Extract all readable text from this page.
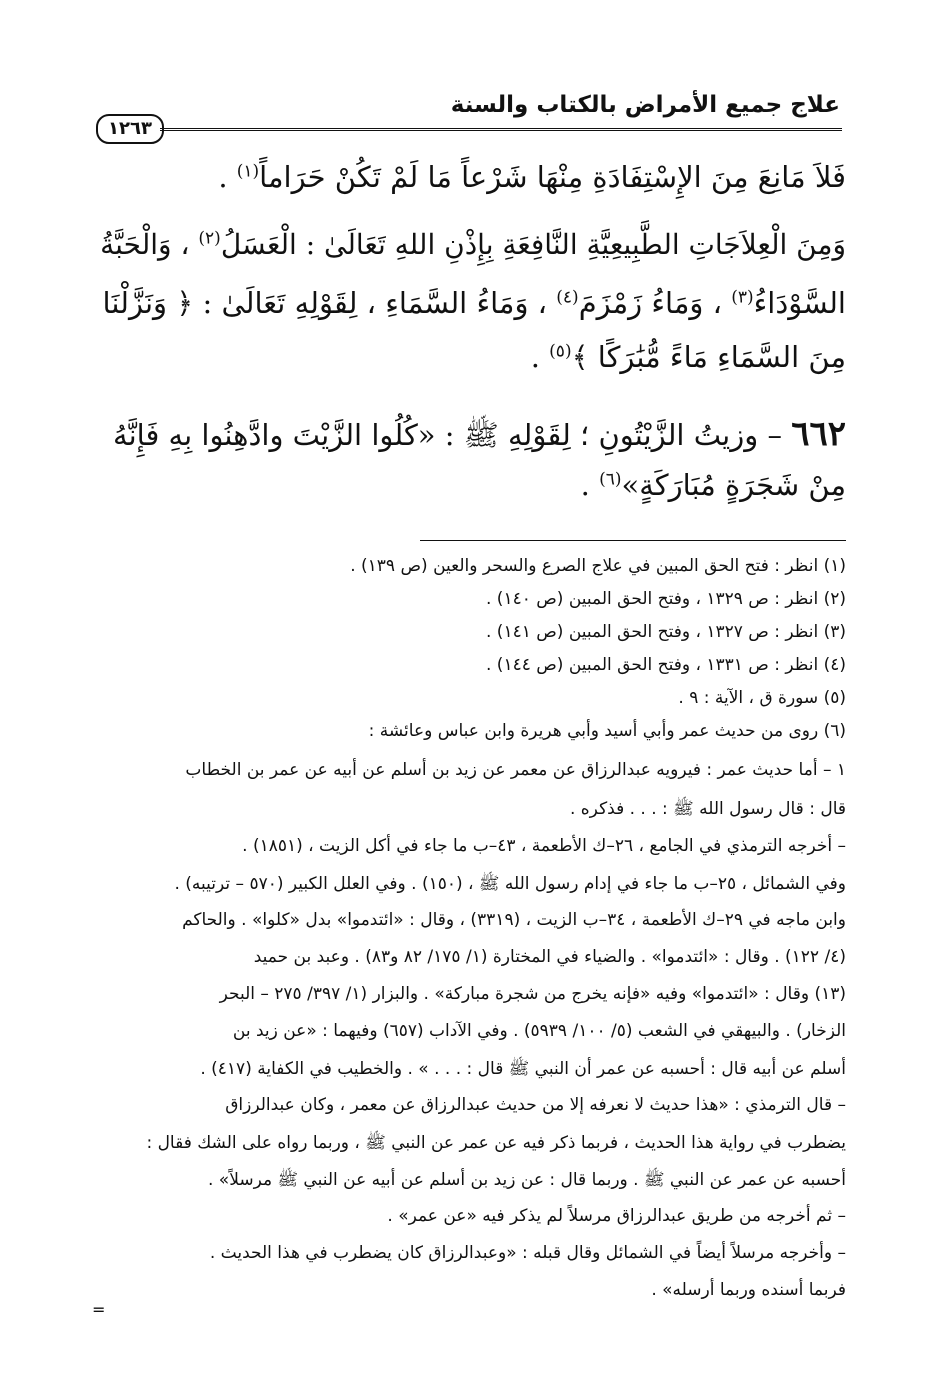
علاج جميع الأمراض بالكتاب والسنة
١٢٦٣
فَلاَ مَانِعَ مِنَ الإِسْتِفَادَةِ مِنْهَا شَرْعاً مَا لَمْ تَكُنْ حَرَاماً$^{(١)}$ .
وَمِنَ الْعِلاَجَاتِ الطَّبِيعِيَّةِ النَّافِعَةِ بِإِذْنِ اللهِ تَعَالَىٰ : الْعَسَلُ$^{(٢)}$ ، وَالْحَبَّةُ
السَّوْدَاءُ$^{(٣)}$ ، وَمَاءُ زَمْزَمَ$^{(٤)}$ ، وَمَاءُ السَّمَاءِ ، لِقَوْلِهِ تَعَالَىٰ : ﴿ وَنَزَّلْنَا
مِنَ السَّمَاءِ مَاءً مُّبَٰرَكًا ﴾$^{(٥)}$ .
٦٦٢ – وزيتُ الزَّيْتُونِ ؛ لِقَوْلِهِ ﷺ : «كُلُوا الزَّيْتَ وادَّهِنُوا بِهِ فَإِنَّهُ
مِنْ شَجَرَةٍ مُبَارَكَةٍ»$^{(٦)}$ .
(١) انظر : فتح الحق المبين في علاج الصرع والسحر والعين (ص ١٣٩) .
(٢) انظر : ص ١٣٢٩ ، وفتح الحق المبين (ص ١٤٠) .
(٣) انظر : ص ١٣٢٧ ، وفتح الحق المبين (ص ١٤١) .
(٤) انظر : ص ١٣٣١ ، وفتح الحق المبين (ص ١٤٤) .
(٥) سورة ق ، الآية : ٩ .
(٦) روى من حديث عمر وأبي أسيد وأبي هريرة وابن عباس وعائشة :
١ – أما حديث عمر : فيرويه عبدالرزاق عن معمر عن زيد بن أسلم عن أبيه عن عمر بن الخطاب
قال : قال رسول الله ﷺ : . . . فذكره .
– أخرجه الترمذي في الجامع ، ٢٦–ك الأطعمة ، ٤٣–ب ما جاء في أكل الزيت ، (١٨٥١) .
وفي الشمائل ، ٢٥–ب ما جاء في إدام رسول الله ﷺ ، (١٥٠) . وفي العلل الكبير (٥٧٠ – ترتيبه) .
وابن ماجه في ٢٩–ك الأطعمة ، ٣٤–ب الزيت ، (٣٣١٩) ، وقال : «ائتدموا» بدل «كلوا» . والحاكم
(٤/ ١٢٢) . وقال : «ائتدموا» . والضياء في المختارة (١/ ١٧٥/ ٨٢ و٨٣) . وعبد بن حميد
(١٣) وقال : «ائتدموا» وفيه «فإنه يخرج من شجرة مباركة» . والبزار (١/ ٣٩٧/ ٢٧٥ – البحر
الزخار) . والبيهقي في الشعب (٥/ ١٠٠/ ٥٩٣٩) . وفي الآداب (٦٥٧) وفيهما : «عن زيد بن
أسلم عن أبيه قال : أحسبه عن عمر أن النبي ﷺ قال : . . . » . والخطيب في الكفاية (٤١٧) .
– قال الترمذي : «هذا حديث لا نعرفه إلا من حديث عبدالرزاق عن معمر ، وكان عبدالرزاق
يضطرب في رواية هذا الحديث ، فربما ذكر فيه عن عمر عن النبي ﷺ ، وربما رواه على الشك فقال :
أحسبه عن عمر عن النبي ﷺ . وربما قال : عن زيد بن أسلم عن أبيه عن النبي ﷺ مرسلاً» .
– ثم أخرجه من طريق عبدالرزاق مرسلاً لم يذكر فيه «عن عمر» .
– وأخرجه مرسلاً أيضاً في الشمائل وقال قبله : «وعبدالرزاق كان يضطرب في هذا الحديث .
فربما أسنده وربما أرسله» .
=
